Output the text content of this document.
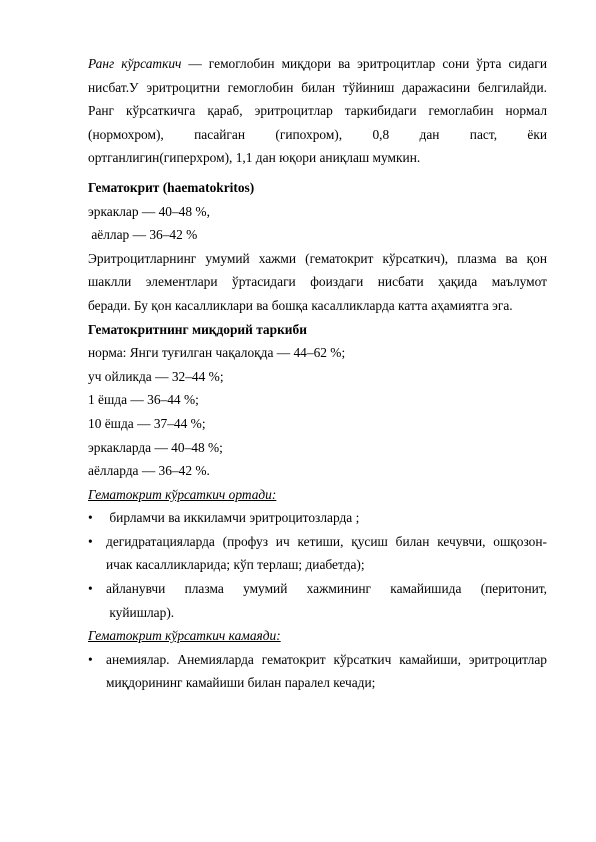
Ранг кўрсаткич — гемоглобин миқдори ва эритроцитлар сони ўрта сидаги

нисбат.У эритроцитни гемоглобин билан тўйиниш даражасини белгилайди.

Ранг кўрсаткичга қараб, эритроцитлар таркибидаги гемоглабин нормал

(нормохром), пасайган (гипохром), 0,8 дан паст, ёки

ортганлигин(гиперхром), 1,1 дан юқори аниқлаш мумкин.

Гематокрит (haematokritos)

эркаклар — 40–48 %,

аёллар — 36–42 %

Эритроцитларнинг умумий хажми (гематокрит кўрсаткич), плазма ва қон

шаклли элементлари ўртасидаги фоиздаги нисбати ҳақида маълумот

беради. Бу қон касалликлари ва бошқа касалликларда катта аҳамиятга эга.

Гематокритнинг миқдорий таркиби

норма: Янги туғилган чақалоқда — 44–62 %;

уч ойликда — 32–44 %;

1 ёшда — 36–44 %;

10 ёшда — 37–44 %;

эркакларда — 40–48 %;

аёлларда — 36–42 %.

Гематокрит кўрсаткич ортади:

• бирламчи ва иккиламчи эритроцитозларда ;

• дегидратацияларда (профуз ич кетиши, қусиш билан кечувчи, ошқозон-

ичак касалликларида; кўп терлаш; диабетда);

• айланувчи плазма умумий хажмининг камайишида (перитонит,

куйишлар).

Гематокрит кўрсаткич камаяди:

• анемиялар. Анемияларда гематокрит кўрсаткич камайиши, эритроцитлар

миқдорининг камайиши билан паралел кечади;
